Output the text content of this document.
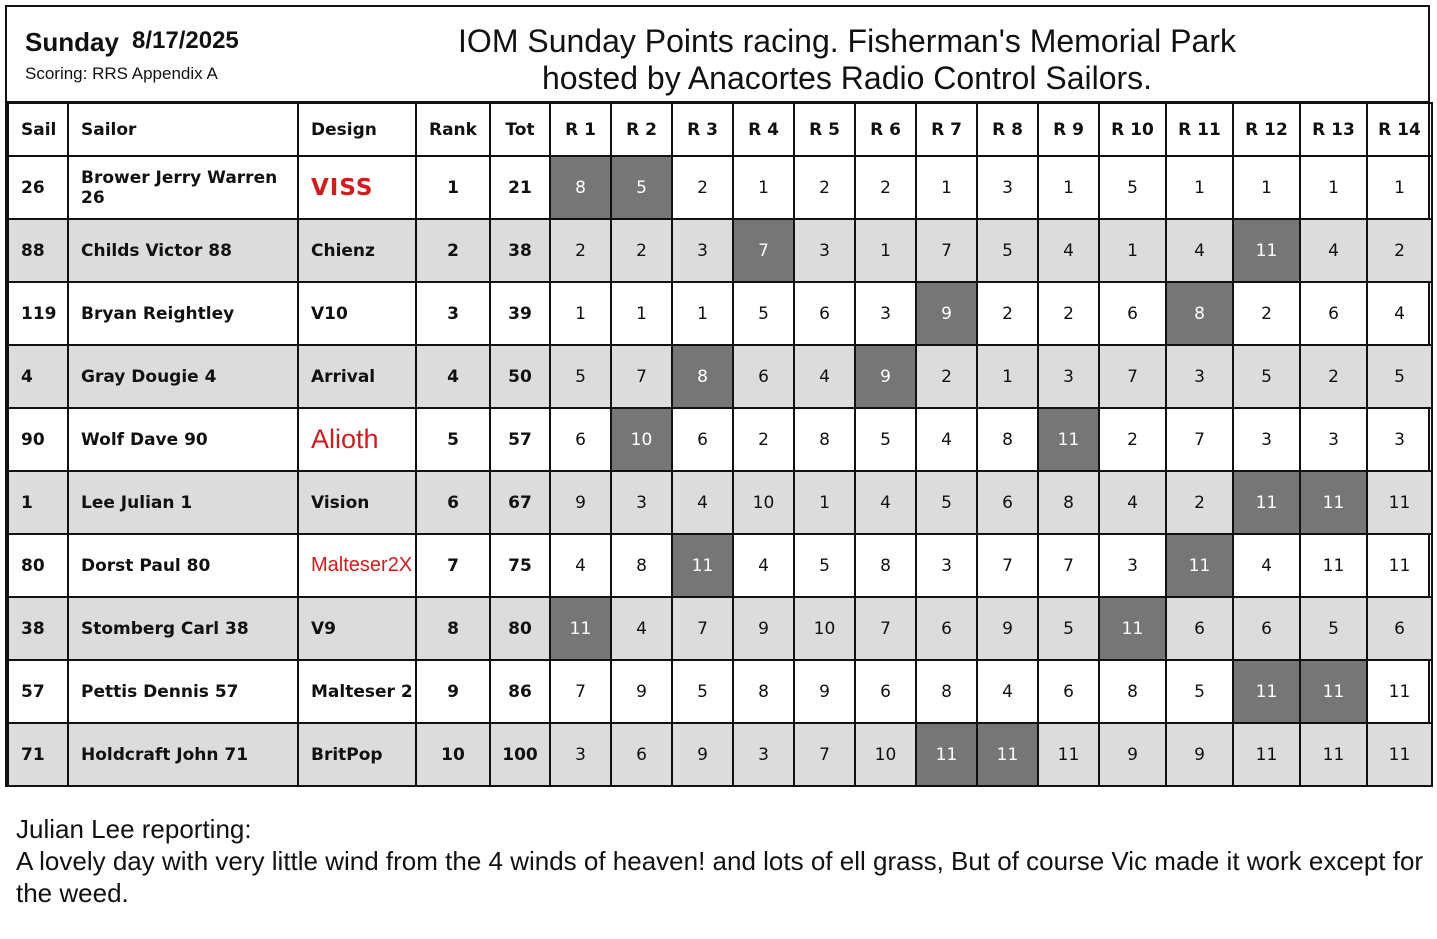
Sunday 8/17/2025
Scoring: RRS Appendix A
IOM Sunday Points racing. Fisherman's Memorial Park
hosted by Anacortes Radio Control Sailors.
Sail	Sailor	Design	Rank	Tot	R 1	R 2	R 3	R 4	R 5	R 6	R 7	R 8	R 9	R 10	R 11	R 12	R 13	R 14
26	Brower Jerry Warren 26	VISS	1	21	8	5	2	1	2	2	1	3	1	5	1	1	1	1
88	Childs Victor 88	Chienz	2	38	2	2	3	7	3	1	7	5	4	1	4	11	4	2
119	Bryan Reightley	V10	3	39	1	1	1	5	6	3	9	2	2	6	8	2	6	4
4	Gray Dougie 4	Arrival	4	50	5	7	8	6	4	9	2	1	3	7	3	5	2	5
90	Wolf Dave 90	Alioth	5	57	6	10	6	2	8	5	4	8	11	2	7	3	3	3
1	Lee Julian 1	Vision	6	67	9	3	4	10	1	4	5	6	8	4	2	11	11	11
80	Dorst Paul 80	Malteser2X	7	75	4	8	11	4	5	8	3	7	7	3	11	4	11	11
38	Stomberg Carl 38	V9	8	80	11	4	7	9	10	7	6	9	5	11	6	6	5	6
57	Pettis Dennis 57	Malteser 2	9	86	7	9	5	8	9	6	8	4	6	8	5	11	11	11
71	Holdcraft John 71	BritPop	10	100	3	6	9	3	7	10	11	11	11	9	9	11	11	11
Julian Lee reporting:
A lovely day with very little wind from the 4 winds of heaven! and lots of ell grass, But of course Vic made it work except for the weed.
